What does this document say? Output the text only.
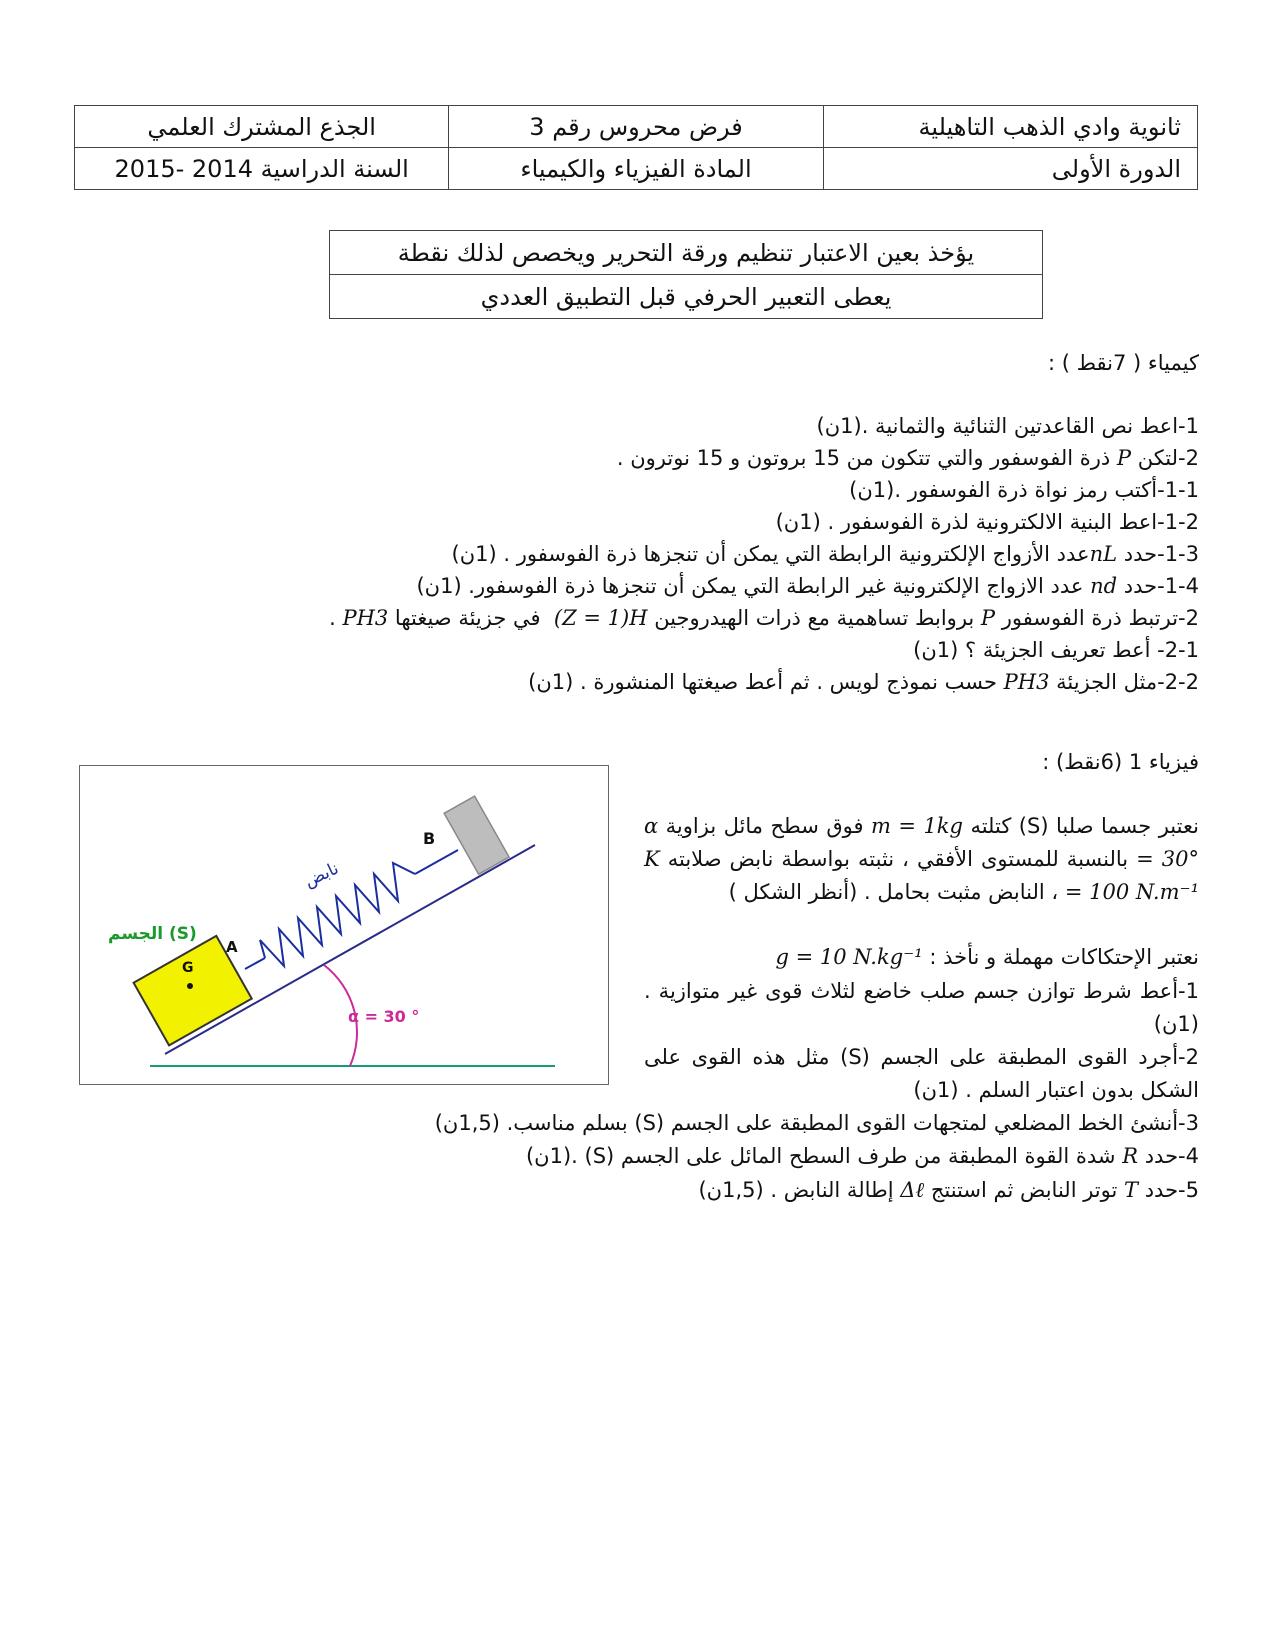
الجذع المشترك العلمي	فرض محروس رقم 3	ثانوية وادي الذهب التاهيلية
السنة الدراسية 2014 -2015	المادة الفيزياء والكيمياء	الدورة الأولى
يؤخذ بعين الاعتبار تنظيم ورقة التحرير ويخصص لذلك نقطة
يعطى التعبير الحرفي قبل التطبيق العددي
كيمياء ( 7نقط ) :
1-اعط نص القاعدتين الثنائية والثمانية .(1ن)
2-لتكن P ذرة الفوسفور والتي تتكون من 15 بروتون و 15 نوترون .
1-1-أكتب رمز نواة ذرة الفوسفور .(1ن)
1-2-اعط البنية الالكترونية لذرة الفوسفور . (1ن)
1-3-حدد nLعدد الأزواج الإلكترونية الرابطة التي يمكن أن تنجزها ذرة الفوسفور . (1ن)
1-4-حدد nd عدد الازواج الإلكترونية غير الرابطة التي يمكن أن تنجزها ذرة الفوسفور. (1ن)
2-ترتبط ذرة الفوسفور P بروابط تساهمية مع ذرات الهيدروجين H (Z = 1) في جزيئة صيغتها PH3 .
2-1- أعط تعريف الجزيئة ؟ (1ن)
2-2-مثل الجزيئة PH3 حسب نموذج لويس . ثم أعط صيغتها المنشورة . (1ن)
فيزياء 1 (6نقط) :
نعتبر جسما صلبا (S) كتلته m = 1kg فوق سطح مائل بزاوية α = 30° بالنسبة للمستوى الأفقي ، نثبته بواسطة نابض صلابته K = 100 N.m⁻¹ ، النابض مثبت بحامل . (أنظر الشكل )
نعتبر الإحتكاكات مهملة و نأخذ : g = 10 N.kg⁻¹
1-أعط شرط توازن جسم صلب خاضع لثلاث قوى غير متوازية . (1ن)
2-أجرد القوى المطبقة على الجسم (S) مثل هذه القوى على الشكل بدون اعتبار السلم . (1ن)
3-أنشئ الخط المضلعي لمتجهات القوى المطبقة على الجسم (S) بسلم مناسب. (1,5ن)
4-حدد R شدة القوة المطبقة من طرف السطح المائل على الجسم (S) .(1ن)
5-حدد T توتر النابض ثم استنتج Δℓ إطالة النابض . (1,5ن)
α = 30 °
نابض
B
G
A
الجسم (S)
